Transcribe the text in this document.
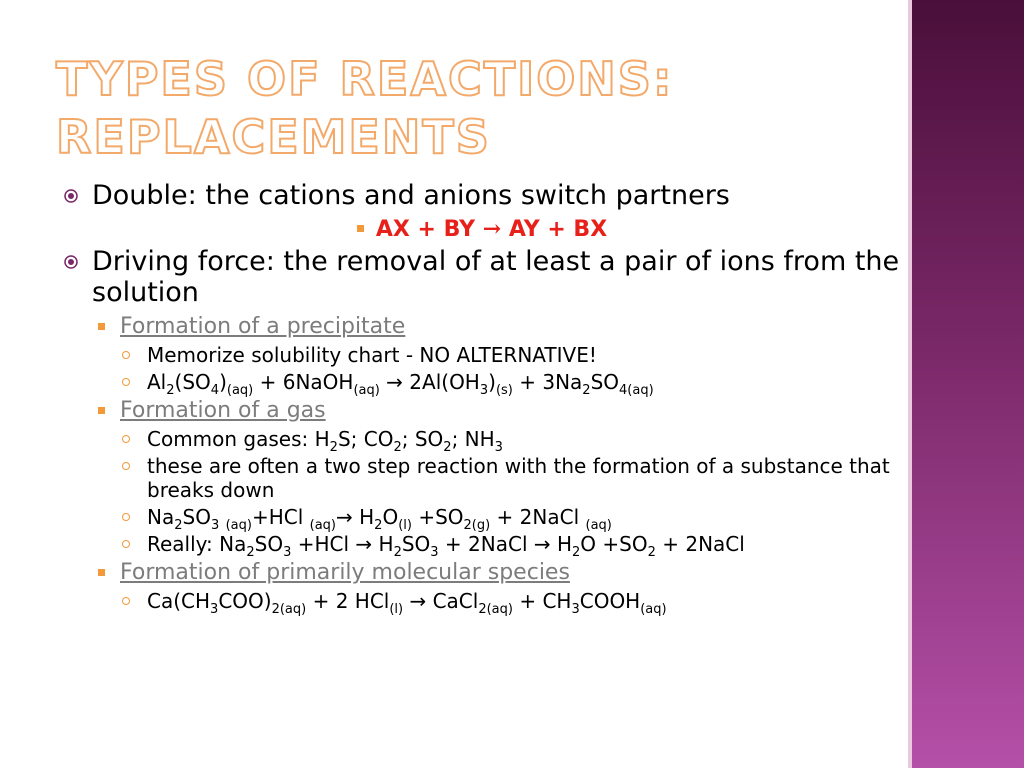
TYPES OF REACTIONS: REPLACEMENTS
Double: the cations and anions switch partners
AX + BY → AY + BX
Driving force: the removal of at least a pair of ions from the solution
Formation of a precipitate
Memorize solubility chart - NO ALTERNATIVE!
$Al_2(SO_4)_{(aq)}$ + 6NaOH$_{(aq)}$ → $2Al(OH_3)_{(s)} + 3Na_2SO_{4(aq)}$
Formation of a gas
Common gases: $H_2S$; $CO_2$; $SO_2$; $NH_3$
these are often a two step reaction with the formation of a substance that breaks down
$Na_2SO_3$ $_{(aq)}$+HCl $_{(aq)}\to H_2O_{(l)} +SO_{2(g)}$ + 2NaCl $_{(aq)}$
Really: $Na_2SO_3 +HCl \to H_2SO_3$ + 2NaCl → $H_2O +SO_2$ + 2NaCl
Formation of primarily molecular species
$Ca(CH_3COO)_{2(aq)} + 2$ HCl$_{(l)}$ → CaCl$_{2(aq)}$ + $CH_3COOH_{(aq)}$
